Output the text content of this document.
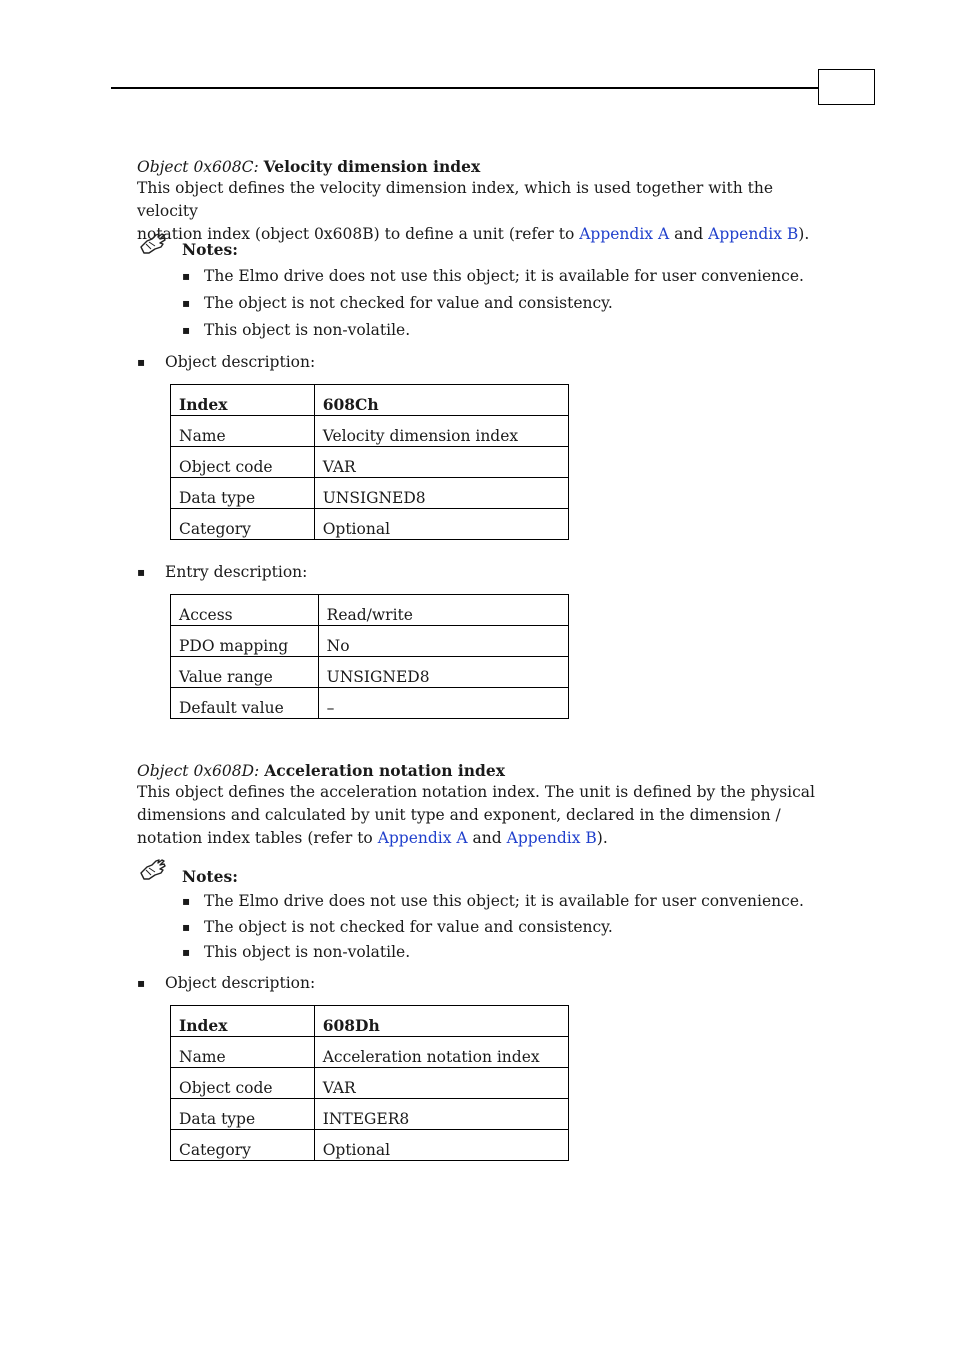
Object 0x608C: Velocity dimension index
This object defines the velocity dimension index, which is used together with the velocity
notation index (object 0x608B) to define a unit (refer to Appendix A and Appendix B).
Notes:
▪ The Elmo drive does not use this object; it is available for user convenience.
▪ The object is not checked for value and consistency.
▪ This object is non-volatile.
▪ Object description:
Index	608Ch
Name	Velocity dimension index
Object code	VAR
Data type	UNSIGNED8
Category	Optional
▪ Entry description:
Access	Read/write
PDO mapping	No
Value range	UNSIGNED8
Default value	–
Object 0x608D: Acceleration notation index
This object defines the acceleration notation index. The unit is defined by the physical
dimensions and calculated by unit type and exponent, declared in the dimension /
notation index tables (refer to Appendix A and Appendix B).
Notes:
▪ The Elmo drive does not use this object; it is available for user convenience.
▪ The object is not checked for value and consistency.
▪ This object is non-volatile.
▪ Object description:
Index	608Dh
Name	Acceleration notation index
Object code	VAR
Data type	INTEGER8
Category	Optional
